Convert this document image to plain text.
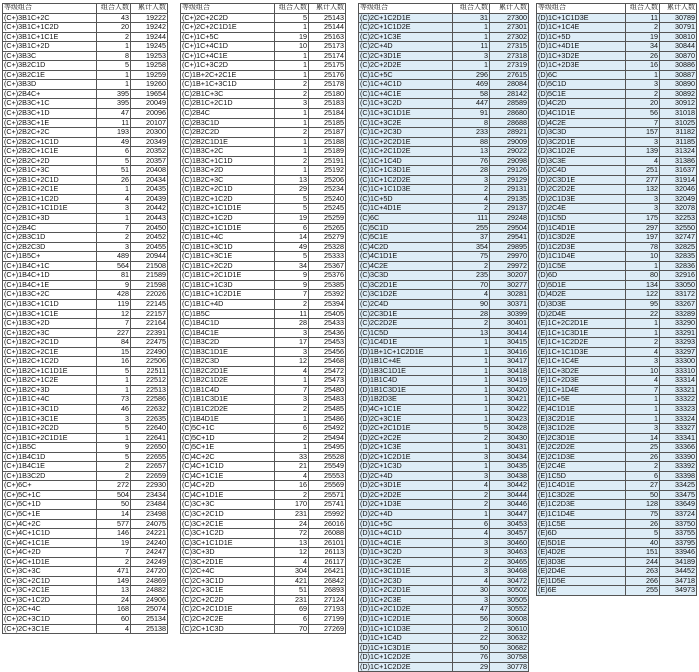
等级组合	组合人数	累计人数
(C+)3B1C+2C	43	19222
(C+)3B1C+1C2D	20	19242
(C+)3B1C+1C1E	2	19244
(C+)3B1C+2D	1	19245
(C+)3B3C	8	19253
(C+)3B2C1D	5	19258
(C+)3B2C1E	1	19259
(C+)3B3D	1	19260
(C+)2B4C+	395	19654
(C+)2B3C+1C	395	20049
(C+)2B3C+1D	47	20096
(C+)2B3C+1E	11	20107
(C+)2B2C+2C	193	20300
(C+)2B2C+1C1D	49	20349
(C+)2B2C+1C1E	6	20352
(C+)2B2C+2D	5	20357
(C+)2B1C+3C	51	20408
(C+)2B1C+2C1D	26	20434
(C+)2B1C+2C1E	1	20435
(C+)2B1C+1C2D	4	20439
(C+)2B1C+1C1D1E	3	20442
(C+)2B1C+3D	1	20443
(C+)2B4C	7	20450
(C+)2B3C1D	2	20452
(C+)2B2C3D	3	20455
(C+)1B5C+	489	20944
(C+)1B4C+1C	564	21508
(C+)1B4C+1D	81	21589
(C+)1B4C+1E	9	21598
(C+)1B3C+2C	428	22026
(C+)1B3C+1C1D	119	22145
(C+)1B3C+1C1E	12	22157
(C+)1B3C+2D	7	22164
(C+)1B2C+3C	227	22391
(C+)1B2C+2C1D	84	22475
(C+)1B2C+2C1E	15	22490
(C+)1B2C+1C2D	16	22506
(C+)1B2C+1C1D1E	5	22511
(C+)1B2C+1C2E	1	22512
(C+)1B2C+3D	1	22513
(C+)1B1C+4C	73	22586
(C+)1B1C+3C1D	46	22632
(C+)1B1C+3C1E	3	22635
(C+)1B1C+2C2D	5	22640
(C+)1B1C+2C1D1E	1	22641
(C+)1B5C	9	22650
(C+)1B4C1D	5	22655
(C+)1B4C1E	2	22657
(C+)1B3C2D	2	22659
(C+)6C+	272	22930
(C+)5C+1C	504	23434
(C+)5C+1D	50	23484
(C+)5C+1E	14	23498
(C+)4C+2C	577	24075
(C+)4C+1C1D	146	24221
(C+)4C+1C1E	19	24240
(C+)4C+2D	7	24247
(C+)4C+1D1E	2	24249
(C+)3C+3C	471	24720
(C+)3C+2C1D	149	24869
(C+)3C+2C1E	13	24882
(C+)3C+1C2D	24	24906
(C+)2C+4C	168	25074
(C+)2C+3C1D	60	25134
(C+)2C+3C1E	4	25138
等级组合	组合人数	累计人数
(C+)2C+2C2D	5	25143
(C+)2C+2C1D1E	1	25144
(C+)1C+5C	19	25163
(C+)1C+4C1D	10	25173
(C+)1C+4C1E	1	25174
(C+)1C+3C2D	1	25175
(C)1B+2C+2C1E	1	25176
(C)1B+1C+3C1D	2	25178
(C)2B1C+3C	2	25180
(C)2B1C+2C1D	3	25183
(C)2B4C	1	25184
(C)2B3C1D	1	25185
(C)2B2C2D	2	25187
(C)2B2C1D1E	1	25188
(C)1B3C+2C	1	25189
(C)1B3C+1C1D	2	25191
(C)1B3C+2D	1	25192
(C)1B2C+3C	13	25206
(C)1B2C+2C1D	29	25234
(C)1B2C+1C2D	5	25240
(C)1B2C+1C1D1E	5	25245
(C)1B2C+1C2D	19	25259
(C)1B2C+1C1D1E	6	25265
(C)1B1C+4C	14	25279
(C)1B1C+3C1D	49	25328
(C)1B1C+3C1E	5	25333
(C)1B1C+2C2D	34	25367
(C)1B1C+2C1D1E	9	25376
(C)1B1C+1C3D	9	25385
(C)1B1C+1C2D1E	7	25392
(C)1B1C+4D	2	25394
(C)1B5C	11	25405
(C)1B4C1D	28	25433
(C)1B4C1E	3	25436
(C)1B3C2D	17	25453
(C)1B3C1D1E	3	25456
(C)1B2C3D	12	25468
(C)1B2C2D1E	4	25472
(C)1B2C1D2E	1	25473
(C)1B1C4D	7	25480
(C)1B1C3D1E	3	25483
(C)1B1C2D2E	2	25485
(C)1B4D1E	1	25486
(C)5C+1C	6	25492
(C)5C+1D	2	25494
(C)5C+1E	1	25495
(C)4C+2C	33	25528
(C)4C+1C1D	21	25549
(C)4C+1C1E	4	25553
(C)4C+2D	16	25569
(C)4C+1D1E	2	25571
(C)3C+3C	170	25741
(C)3C+2C1D	231	25992
(C)3C+2C1E	24	26016
(C)3C+1C2D	72	26088
(C)3C+1C1D1E	13	26101
(C)3C+3D	12	26113
(C)3C+2D1E	4	26117
(C)2C+4C	304	26421
(C)2C+3C1D	421	26842
(C)2C+3C1E	51	26893
(C)2C+2C2D	231	27124
(C)2C+2C1D1E	69	27193
(C)2C+2C2E	6	27199
(C)2C+1C3D	70	27269
等级组合	组合人数	累计人数
(C)2C+1C2D1E	31	27300
(C)2C+1C1D2E	1	27301
(C)2C+1C3E	1	27302
(C)2C+4D	11	27315
(C)2C+3D1E	3	27318
(C)2C+2D2E	1	27319
(C)1C+5C	296	27615
(C)1C+4C1D	469	28084
(C)1C+4C1E	58	28142
(C)1C+3C2D	447	28589
(C)1C+3C1D1E	91	28680
(C)1C+3C2E	8	28688
(C)1C+2C3D	233	28921
(C)1C+2C2D1E	88	29009
(C)1C+2C1D2E	13	29022
(C)1C+1C4D	76	29098
(C)1C+1C3D1E	28	29126
(C)1C+1C2D2E	3	29129
(C)1C+1C1D3E	2	29131
(C)1C+5D	4	29135
(C)1C+4D1E	2	29137
(C)6C	111	29248
(C)5C1D	255	29504
(C)5C1E	37	29541
(C)4C2D	354	29895
(C)4C1D1E	75	29970
(C)4C2E	2	29972
(C)3C3D	235	30207
(C)3C2D1E	70	30277
(C)3C1D2E	4	30281
(C)2C4D	90	30371
(C)2C3D1E	28	30399
(C)2C2D2E	2	30401
(C)1C5D	13	30414
(C)1C4D1E	1	30415
(D)1B+1C+1C2D1E	1	30416
(D)1B1C+4E	1	30417
(D)1B3C1D1E	1	30418
(D)1B1C4D	1	30419
(D)1B1C3D1E	1	30420
(D)1B2D3E	1	30421
(D)4C+1C1E	1	30422
(D)2C+3C1E	1	30423
(D)2C+2C1D1E	5	30428
(D)2C+2C2E	2	30430
(D)2C+1C3E	1	30431
(D)2C+1C2D1E	3	30434
(D)2C+1C3D	1	30435
(D)2C+4D	3	30438
(D)2C+3D1E	4	30442
(D)2C+2D2E	2	30444
(D)2C+1D3E	2	30446
(D)2C+4D	1	30447
(D)1C+5C	6	30453
(D)1C+4C1D	4	30457
(D)1C+4C1E	3	30460
(D)1C+3C2D	3	30463
(D)1C+3C2E	2	30465
(D)1C+3C1D1E	3	30468
(D)1C+2C3D	4	30472
(D)1C+2C2D1E	30	30502
(D)1C+2C3E	3	30505
(D)1C+2C1D2E	47	30552
(D)1C+1C2D1E	56	30608
(D)1C+1C1D3E	2	30610
(D)1C+1C4D	22	30632
(D)1C+1C3D1E	50	30682
(D)1C+1C2D2E	76	30758
(D)1C+1C2D2E	29	30778
等级组合	组合人数	累计人数
(D)1C+1C1D3E	11	30789
(D)1C+1C4E	2	30791
(D)1C+5D	19	30810
(D)1C+4D1E	34	30844
(D)1C+3D2E	26	30870
(D)1C+2D3E	16	30886
(D)6C	1	30887
(D)5C1D	3	30890
(D)5C1E	2	30892
(D)4C2D	20	30912
(D)4C1D1E	56	31018
(D)4C2E	7	31025
(D)3C3D	157	31182
(D)3C2D1E	3	31185
(D)3C1D2E	139	31324
(D)3C3E	4	31386
(D)2C4D	251	31637
(D)2C3D1E	277	31914
(D)2C2D2E	132	32046
(D)2C1D3E	3	32049
(D)2C4E	3	32078
(D)1C5D	175	32253
(D)1C4D1E	297	32550
(D)1C3D2E	197	32747
(D)1C2D3E	78	32825
(D)1C1D4E	10	32835
(D)1C5E	1	32836
(D)6D	80	32916
(D)5D1E	134	33050
(D)4D2E	122	33172
(D)3D3E	95	33267
(D)2D4E	22	33289
(E)1C+2C2D1E	1	33290
(E)1C+1C3D1E	1	33291
(E)1C+1C2D2E	2	33293
(E)1C+1C1D3E	4	33297
(E)1C+1C4E	3	33300
(E)1C+3D2E	10	33310
(E)1C+2D3E	4	33314
(E)1C+1D4E	7	33321
(E)1C+5E	1	33322
(E)4C1D1E	1	33323
(E)3C2D1E	1	33324
(E)3C1D2E	3	33327
(E)2C3D1E	14	33341
(E)2C2D2E	25	33366
(E)2C1D3E	26	33390
(E)2C4E	2	33392
(E)1C5D	6	33398
(E)1C4D1E	27	33425
(E)1C3D2E	50	33475
(E)1C2D3E	128	33649
(E)1C1D4E	75	33724
(E)1C5E	26	33750
(E)6D	5	33755
(E)5D1E	40	33795
(E)4D2E	151	33946
(E)3D3E	244	34189
(E)2D4E	263	34452
(E)1D5E	266	34718
(E)6E	255	34973
